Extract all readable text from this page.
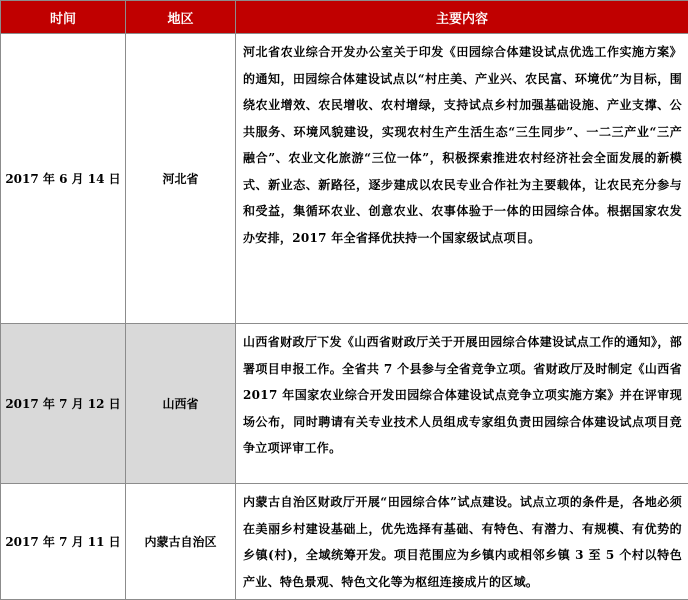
时间	地区	主要内容
2017 年 6 月 14 日	河北省	河北省农业综合开发办公室关于印发《田园综合体建设试点优选工作实施方案》的通知，田园综合体建设试点以“村庄美、产业兴、农民富、环境优”为目标，围绕农业增效、农民增收、农村增绿，支持试点乡村加强基础设施、产业支撑、公共服务、环境风貌建设，实现农村生产生活生态“三生同步”、一二三产业“三产融合”、农业文化旅游“三位一体”，积极探索推进农村经济社会全面发展的新模式、新业态、新路径，逐步建成以农民专业合作社为主要载体，让农民充分参与和受益，集循环农业、创意农业、农事体验于一体的田园综合体。根据国家农发办安排，2017 年全省择优扶持一个国家级试点项目。
2017 年 7 月 12 日	山西省	山西省财政厅下发《山西省财政厅关于开展田园综合体建设试点工作的通知》，部署项目申报工作。全省共 7 个县参与全省竞争立项。省财政厅及时制定《山西省 2017 年国家农业综合开发田园综合体建设试点竞争立项实施方案》并在评审现场公布，同时聘请有关专业技术人员组成专家组负责田园综合体建设试点项目竞争立项评审工作。
2017 年 7 月 11 日	内蒙古自治区	内蒙古自治区财政厅开展“田园综合体”试点建设。试点立项的条件是，各地必须在美丽乡村建设基础上，优先选择有基础、有特色、有潜力、有规模、有优势的乡镇(村)，全域统筹开发。项目范围应为乡镇内或相邻乡镇 3 至 5 个村以特色产业、特色景观、特色文化等为枢纽连接成片的区域。
